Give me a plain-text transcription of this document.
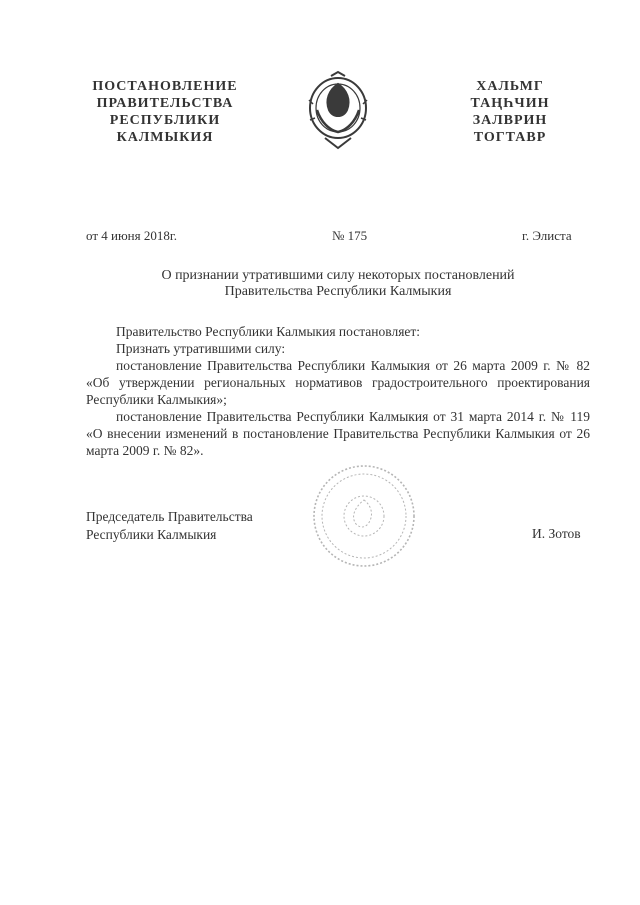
ПОСТАНОВЛЕНИЕ
ПРАВИТЕЛЬСТВА
РЕСПУБЛИКИ
КАЛМЫКИЯ
ХАЛЬМГ
ТАҢҺЧИН
ЗАЛВРИН
ТОГТАВР
от 4 июня 2018г.	№ 175	г. Элиста
О признании утратившими силу некоторых постановлений
Правительства Республики Калмыкия

Правительство Республики Калмыкия постановляет:

Признать утратившими силу:

постановление Правительства Республики Калмыкия от 26 марта 2009 г. № 82 «Об утверждении региональных нормативов градостроительного проектирования Республики Калмыкия»;

постановление Правительства Республики Калмыкия от 31 марта 2014 г. № 119 «О внесении изменений в постановление Правительства Республики Калмыкия от 26 марта 2009 г. № 82».

Председатель Правительства
Республики Калмыкия	И. Зотов
